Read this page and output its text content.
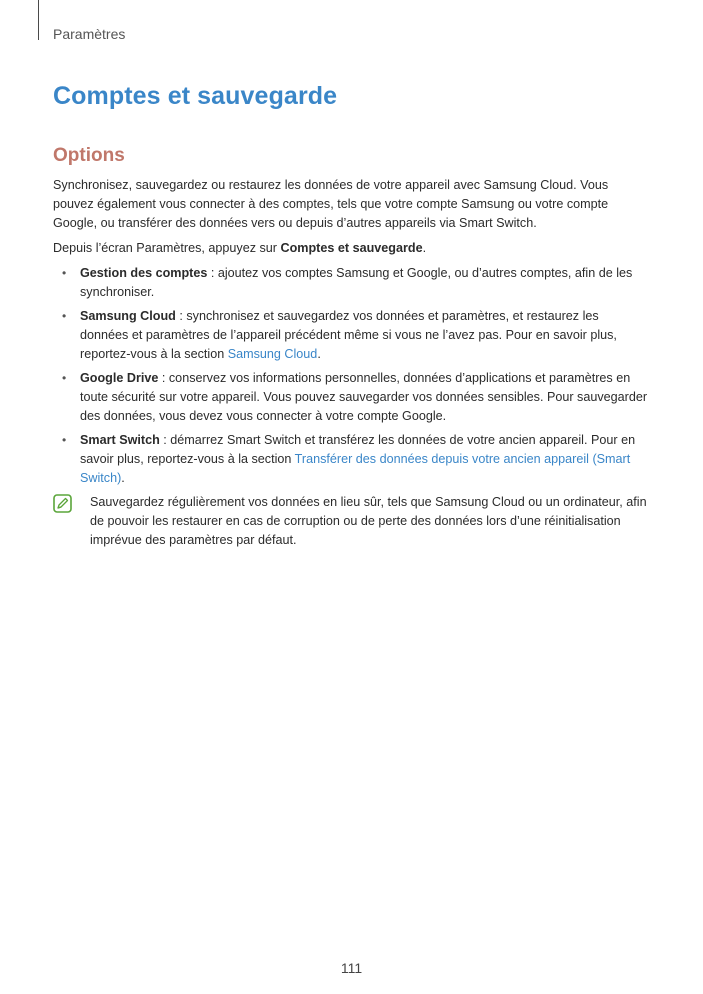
Paramètres
Comptes et sauvegarde
Options

Synchronisez, sauvegardez ou restaurez les données de votre appareil avec Samsung Cloud. Vous pouvez également vous connecter à des comptes, tels que votre compte Samsung ou votre compte Google, ou transférer des données vers ou depuis d’autres appareils via Smart Switch.

Depuis l’écran Paramètres, appuyez sur Comptes et sauvegarde.

• Gestion des comptes : ajoutez vos comptes Samsung et Google, ou d’autres comptes, afin de les synchroniser.
• Samsung Cloud : synchronisez et sauvegardez vos données et paramètres, et restaurez les données et paramètres de l’appareil précédent même si vous ne l’avez pas. Pour en savoir plus, reportez-vous à la section Samsung Cloud.
• Google Drive : conservez vos informations personnelles, données d’applications et paramètres en toute sécurité sur votre appareil. Vous pouvez sauvegarder vos données sensibles. Pour sauvegarder des données, vous devez vous connecter à votre compte Google.
• Smart Switch : démarrez Smart Switch et transférez les données de votre ancien appareil. Pour en savoir plus, reportez-vous à la section Transférer des données depuis votre ancien appareil (Smart Switch).
Sauvegardez régulièrement vos données en lieu sûr, tels que Samsung Cloud ou un ordinateur, afin de pouvoir les restaurer en cas de corruption ou de perte des données lors d’une réinitialisation imprévue des paramètres par défaut.
111
